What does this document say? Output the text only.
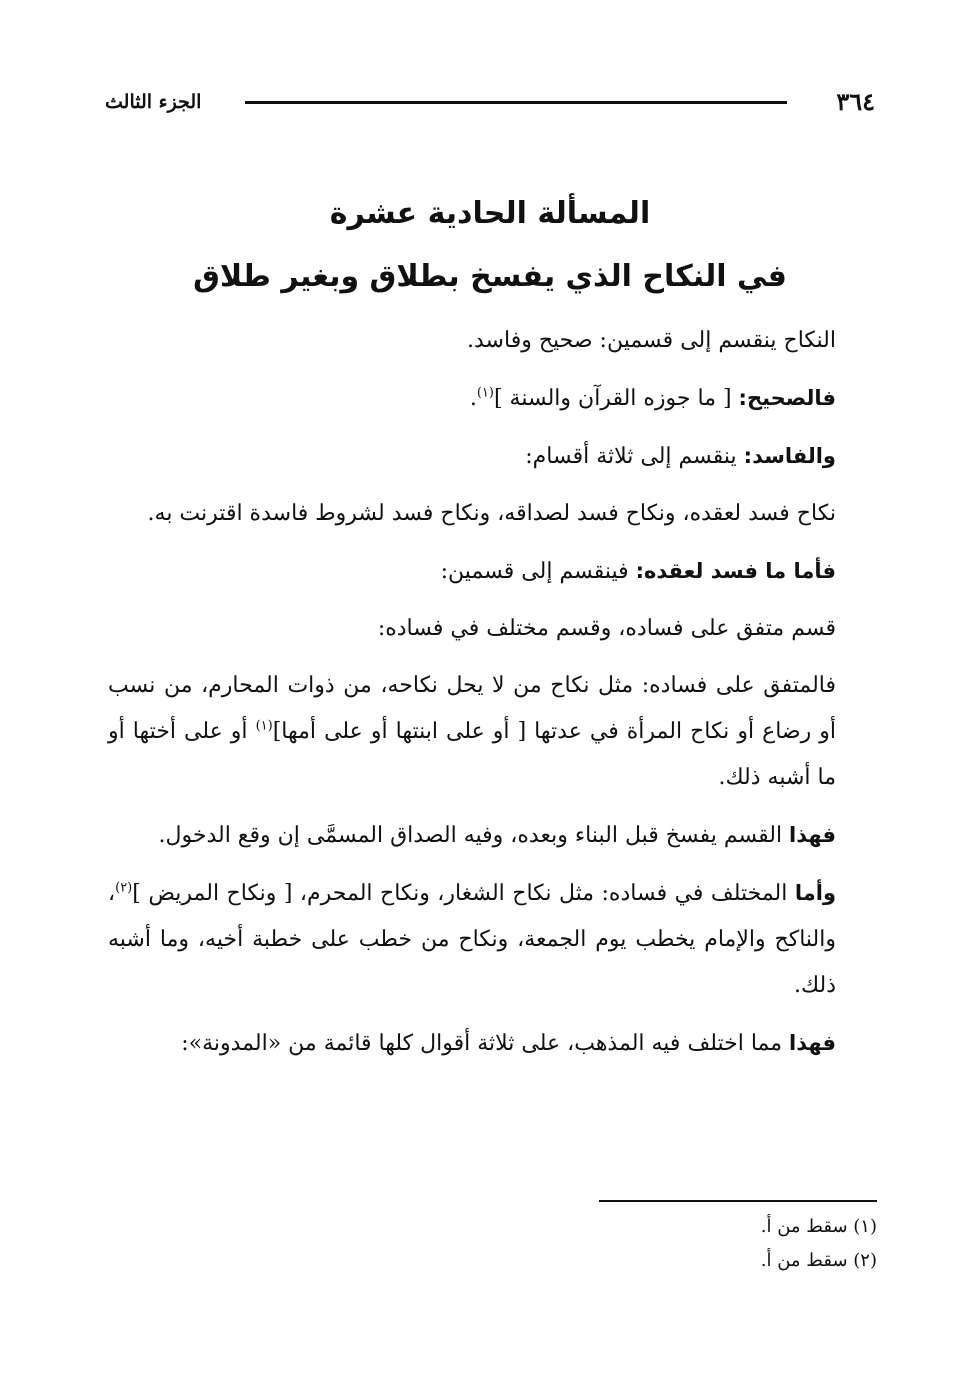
٣٦٤
الجزء الثالث
المسألة الحادية عشرة
في النكاح الذي يفسخ بطلاق وبغير طلاق

النكاح ينقسم إلى قسمين: صحيح وفاسد.

فالصحيح: [ ما جوزه القرآن والسنة ]$^{(١)}$.

والفاسد: ينقسم إلى ثلاثة أقسام:

نكاح فسد لعقده، ونكاح فسد لصداقه، ونكاح فسد لشروط فاسدة اقترنت به.

فأما ما فسد لعقده: فينقسم إلى قسمين:

قسم متفق على فساده، وقسم مختلف في فساده:

فالمتفق على فساده: مثل نكاح من لا يحل نكاحه، من ذوات المحارم، من نسب أو رضاع أو نكاح المرأة في عدتها [ أو على ابنتها أو على أمها]$^{(١)}$ أو على أختها أو ما أشبه ذلك.

فهذا القسم يفسخ قبل البناء وبعده، وفيه الصداق المسمَّى إن وقع الدخول.

وأما المختلف في فساده: مثل نكاح الشغار، ونكاح المحرم، [ ونكاح المريض ]$^{(٢)}$، والناكح والإمام يخطب يوم الجمعة، ونكاح من خطب على خطبة أخيه، وما أشبه ذلك.

فهذا مما اختلف فيه المذهب، على ثلاثة أقوال كلها قائمة من «المدونة»:

(١) سقط من أ.
(٢) سقط من أ.
